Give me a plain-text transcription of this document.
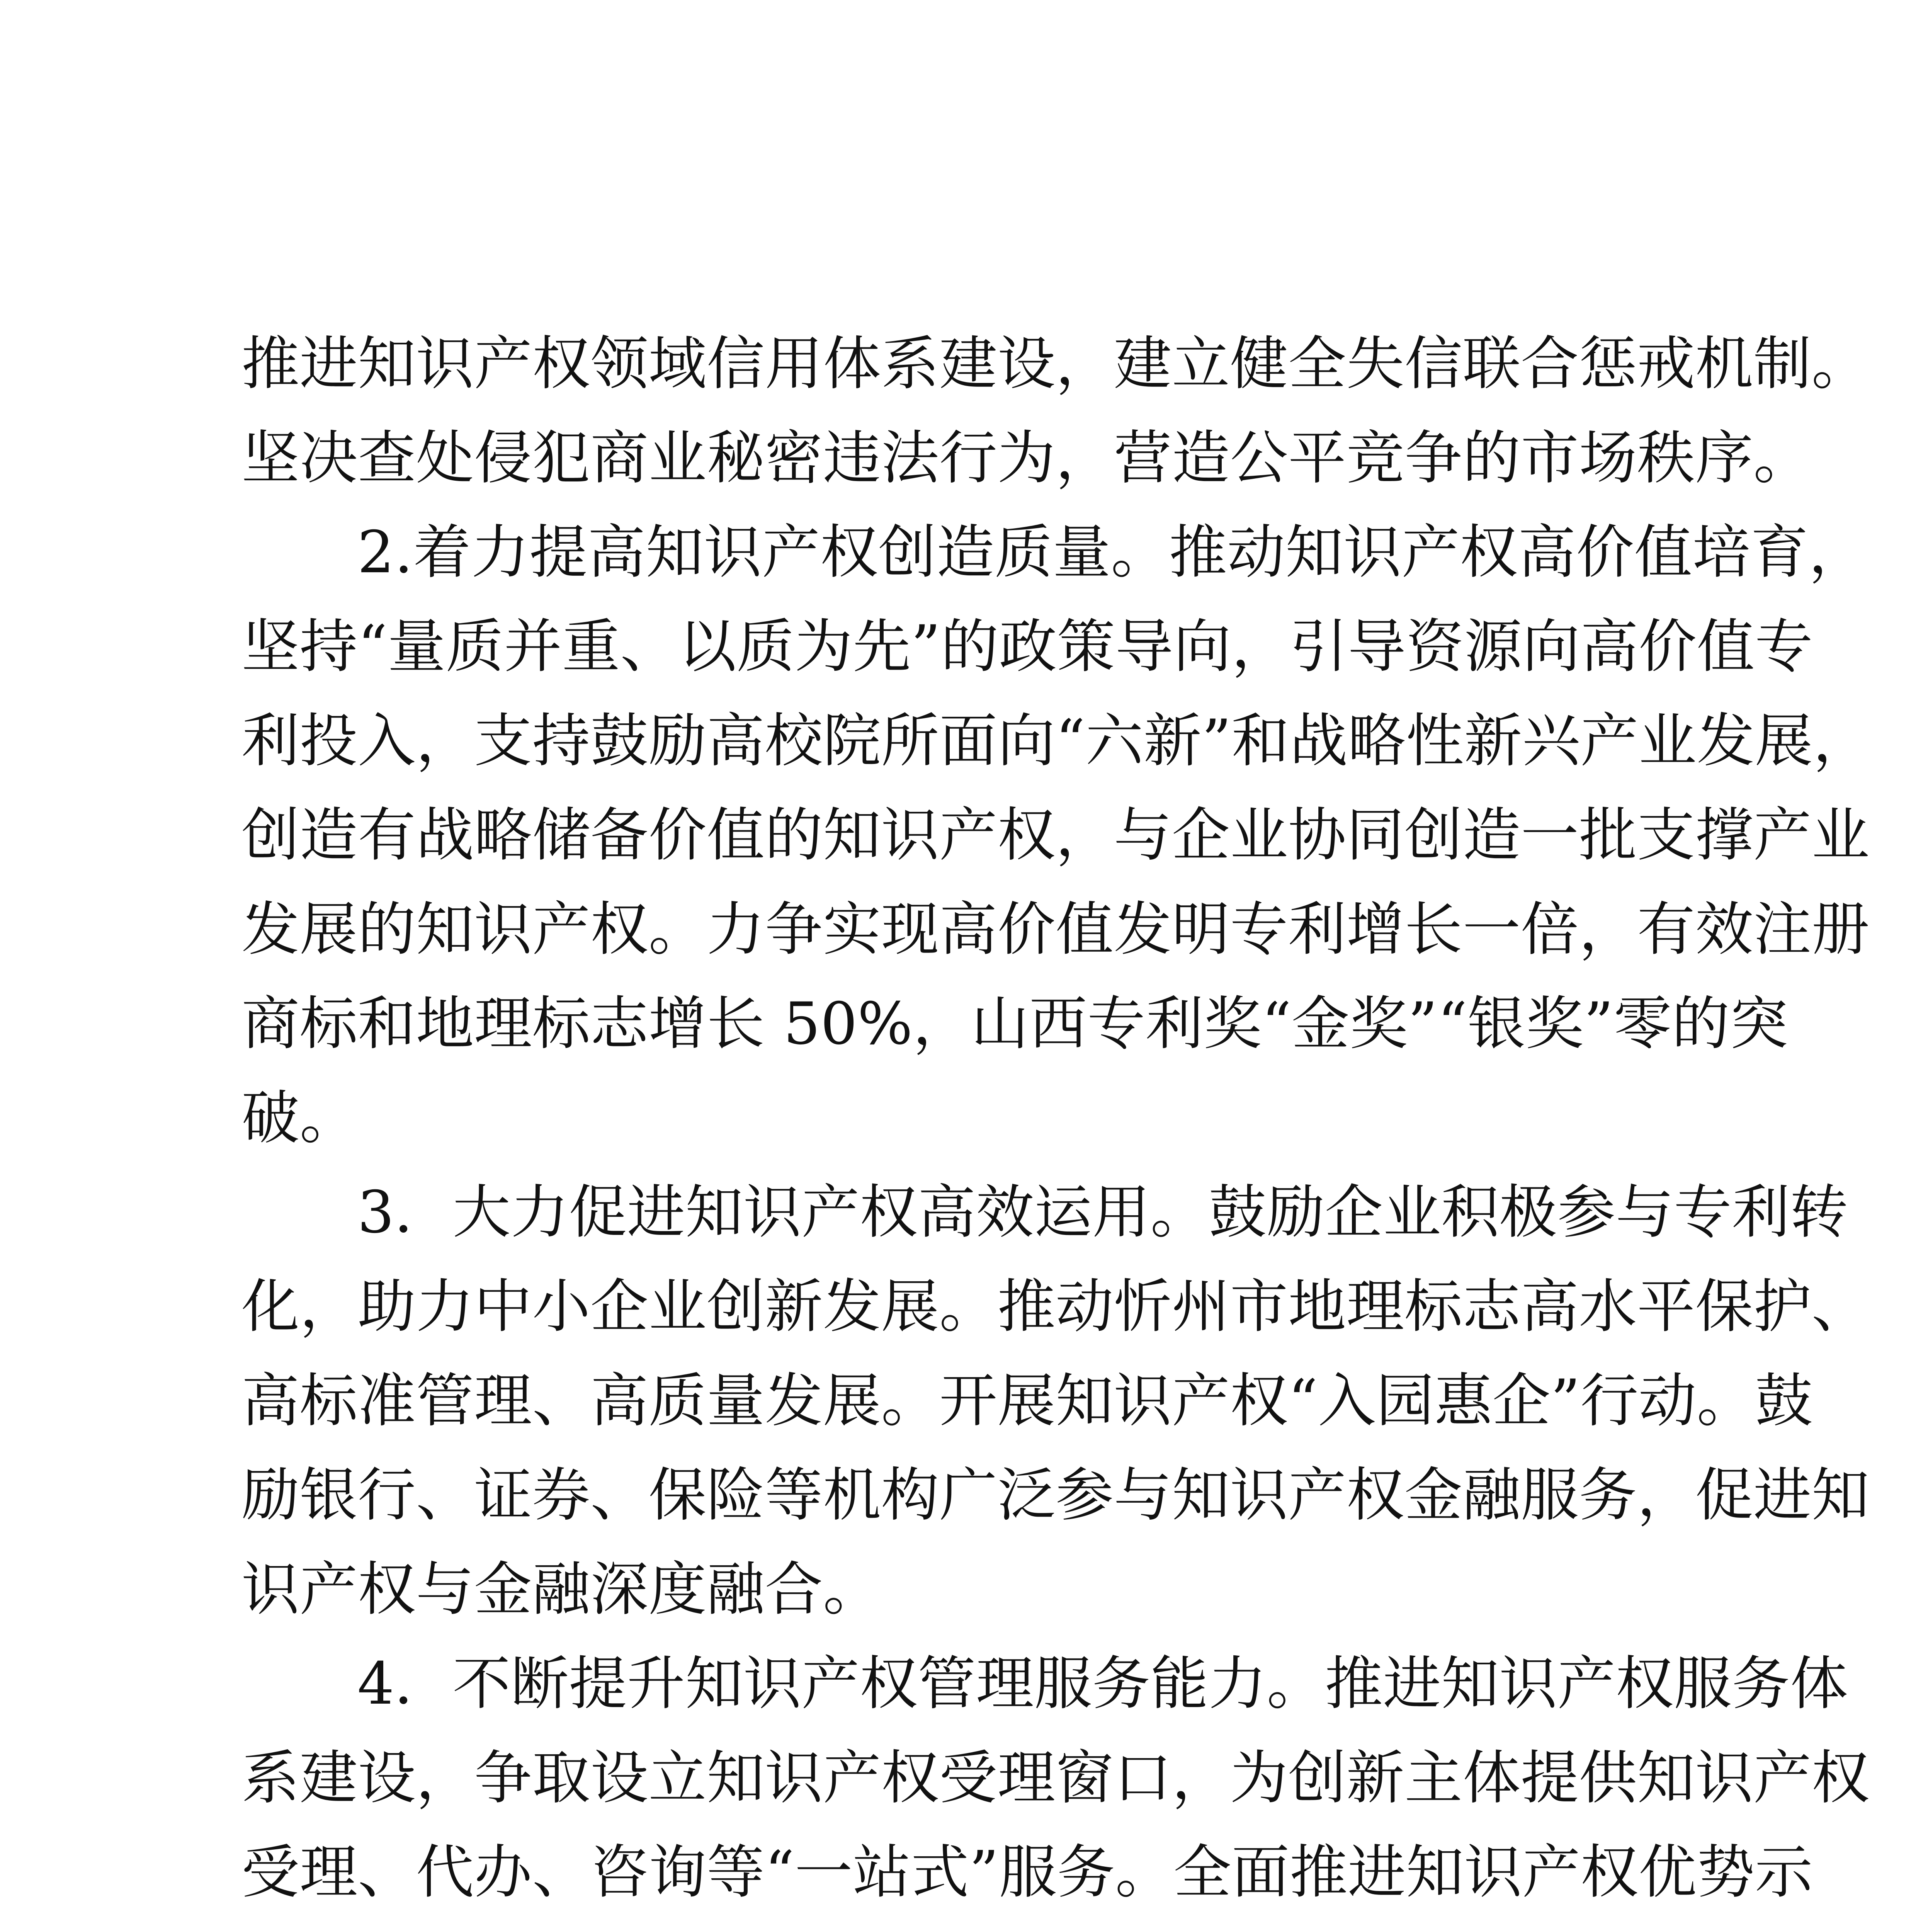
推进知识产权领域信用体系建设，建立健全失信联合惩戒机制。
坚决查处侵犯商业秘密违法行为，营造公平竞争的市场秩序。
2.着力提高知识产权创造质量。推动知识产权高价值培育，
坚持“量质并重、以质为先”的政策导向，引导资源向高价值专
利投入，支持鼓励高校院所面向“六新”和战略性新兴产业发展，
创造有战略储备价值的知识产权，与企业协同创造一批支撑产业
发展的知识产权。力争实现高价值发明专利增长一倍，有效注册
商标和地理标志增长 50%，山西专利奖“金奖”“银奖”零的突
破。
3．大力促进知识产权高效运用。鼓励企业积极参与专利转
化，助力中小企业创新发展。推动忻州市地理标志高水平保护、
高标准管理、高质量发展。开展知识产权“入园惠企”行动。鼓
励银行、证券、保险等机构广泛参与知识产权金融服务，促进知
识产权与金融深度融合。
4．不断提升知识产权管理服务能力。推进知识产权服务体
系建设，争取设立知识产权受理窗口，为创新主体提供知识产权
受理、代办、咨询等“一站式”服务。全面推进知识产权优势示
